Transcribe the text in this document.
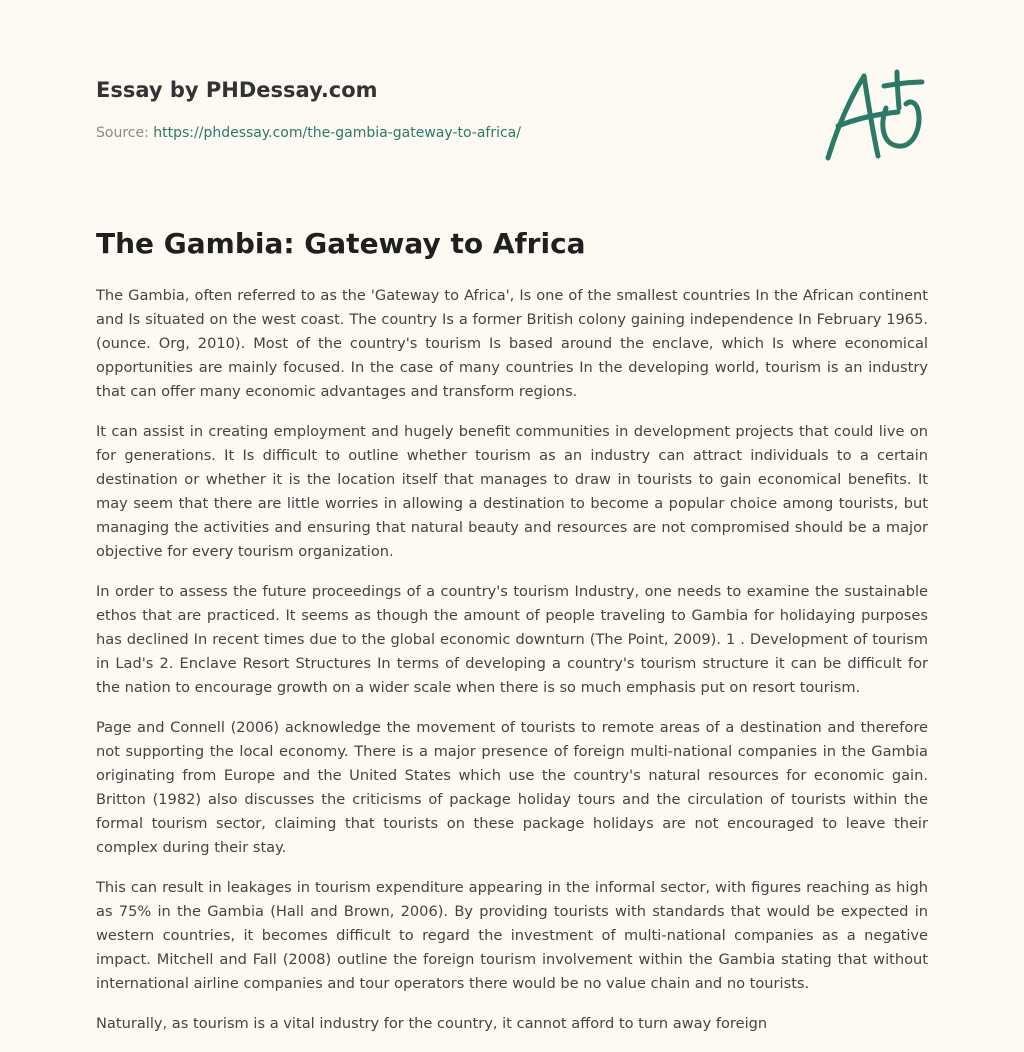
Essay by PHDessay.com
Source: https://phdessay.com/the-gambia-gateway-to-africa/
The Gambia: Gateway to Africa

The Gambia, often referred to as the 'Gateway to Africa', Is one of the smallest countries In the African continent and Is situated on the west coast. The country Is a former British colony gaining independence In February 1965. (ounce. Org, 2010). Most of the country's tourism Is based around the enclave, which Is where economical opportunities are mainly focused. In the case of many countries In the developing world, tourism is an industry that can offer many economic advantages and transform regions.

It can assist in creating employment and hugely benefit communities in development projects that could live on for generations. It Is difficult to outline whether tourism as an industry can attract individuals to a certain destination or whether it is the location itself that manages to draw in tourists to gain economical benefits. It may seem that there are little worries in allowing a destination to become a popular choice among tourists, but managing the activities and ensuring that natural beauty and resources are not compromised should be a major objective for every tourism organization.

In order to assess the future proceedings of a country's tourism Industry, one needs to examine the sustainable ethos that are practiced. It seems as though the amount of people traveling to Gambia for holidaying purposes has declined In recent times due to the global economic downturn (The Point, 2009). 1 . Development of tourism in Lad's 2. Enclave Resort Structures In terms of developing a country's tourism structure it can be difficult for the nation to encourage growth on a wider scale when there is so much emphasis put on resort tourism.

Page and Connell (2006) acknowledge the movement of tourists to remote areas of a destination and therefore not supporting the local economy. There is a major presence of foreign multi-national companies in the Gambia originating from Europe and the United States which use the country's natural resources for economic gain. Britton (1982) also discusses the criticisms of package holiday tours and the circulation of tourists within the formal tourism sector, claiming that tourists on these package holidays are not encouraged to leave their complex during their stay.

This can result in leakages in tourism expenditure appearing in the informal sector, with figures reaching as high as 75% in the Gambia (Hall and Brown, 2006). By providing tourists with standards that would be expected in western countries, it becomes difficult to regard the investment of multi-national companies as a negative impact. Mitchell and Fall (2008) outline the foreign tourism involvement within the Gambia stating that without international airline companies and tour operators there would be no value chain and no tourists.

Naturally, as tourism is a vital industry for the country, it cannot afford to turn away foreign
